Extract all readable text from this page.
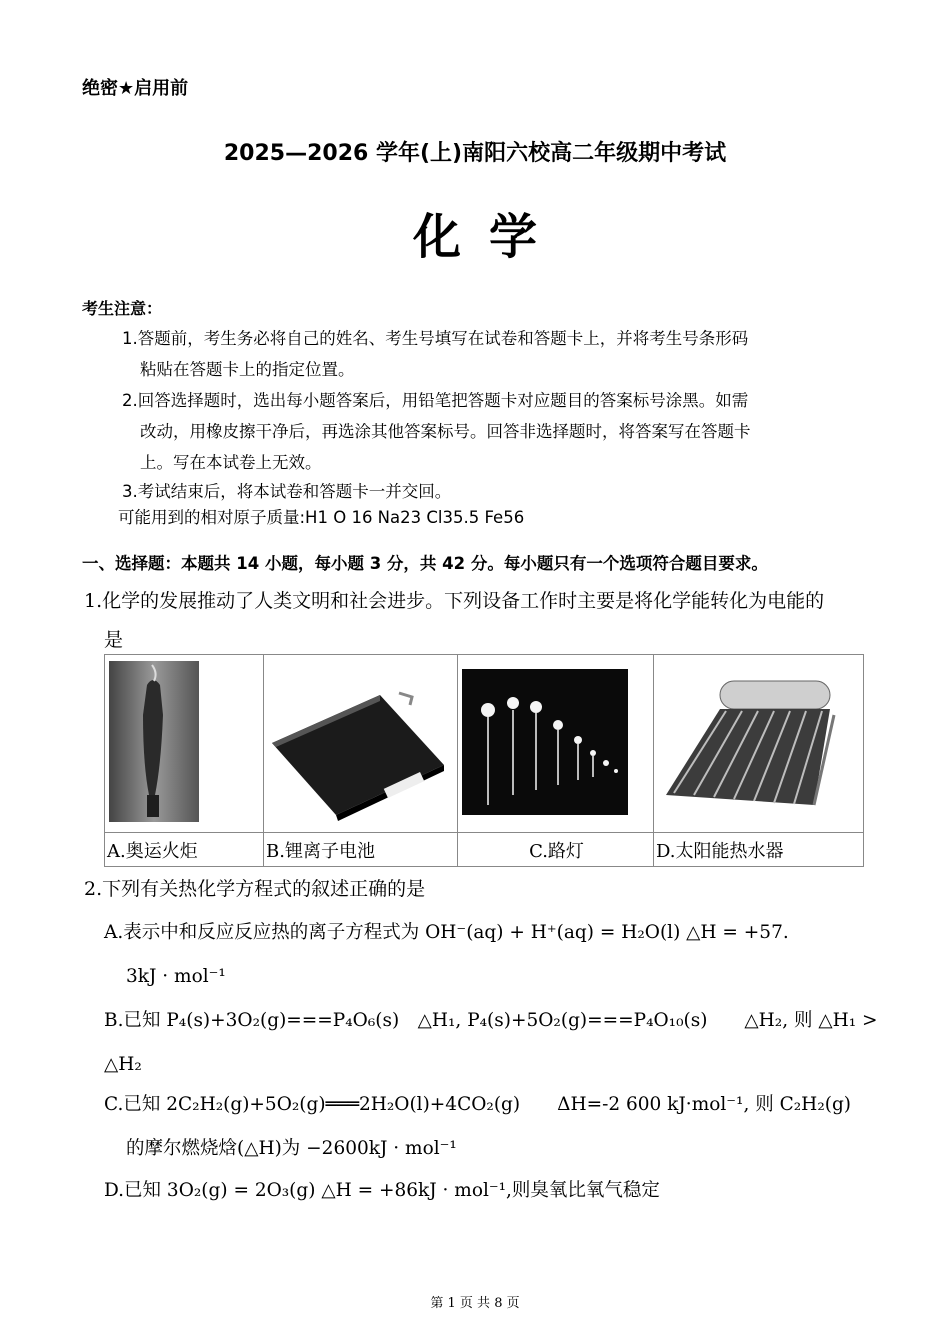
绝密★启用前
2025—2026 学年(上)南阳六校高二年级期中考试
化学
考生注意：
1.答题前，考生务必将自己的姓名、考生号填写在试卷和答题卡上，并将考生号条形码
粘贴在答题卡上的指定位置。
2.回答选择题时，选出每小题答案后，用铅笔把答题卡对应题目的答案标号涂黑。如需
改动，用橡皮擦干净后，再选涂其他答案标号。回答非选择题时，将答案写在答题卡
上。写在本试卷上无效。
3.考试结束后，将本试卷和答题卡一并交回。
可能用到的相对原子质量:H1 O 16 Na23 Cl35.5 Fe56
一、选择题：本题共 14 小题，每小题 3 分，共 42 分。每小题只有一个选项符合题目要求。
1.化学的发展推动了人类文明和社会进步。下列设备工作时主要是将化学能转化为电能的
是

A.奥运火炬	B.锂离子电池	C.路灯	D.太阳能热水器
2.下列有关热化学方程式的叙述正确的是
A.表示中和反应反应热的离子方程式为 OH⁻(aq) + H⁺(aq) = H₂O(l) △H = +57.
3kJ · mol⁻¹
B.已知 P₄(s)+3O₂(g)===P₄O₆(s)　△H₁, P₄(s)+5O₂(g)===P₄O₁₀(s)　　△H₂, 则 △H₁ >
△H₂
C.已知 2C₂H₂(g)+5O₂(g)═══2H₂O(l)+4CO₂(g)　　ΔH=-2 600 kJ·mol⁻¹, 则 C₂H₂(g)
的摩尔燃烧焓(△H)为 −2600kJ · mol⁻¹
D.已知 3O₂(g) = 2O₃(g) △H = +86kJ · mol⁻¹,则臭氧比氧气稳定
第 1 页 共 8 页
